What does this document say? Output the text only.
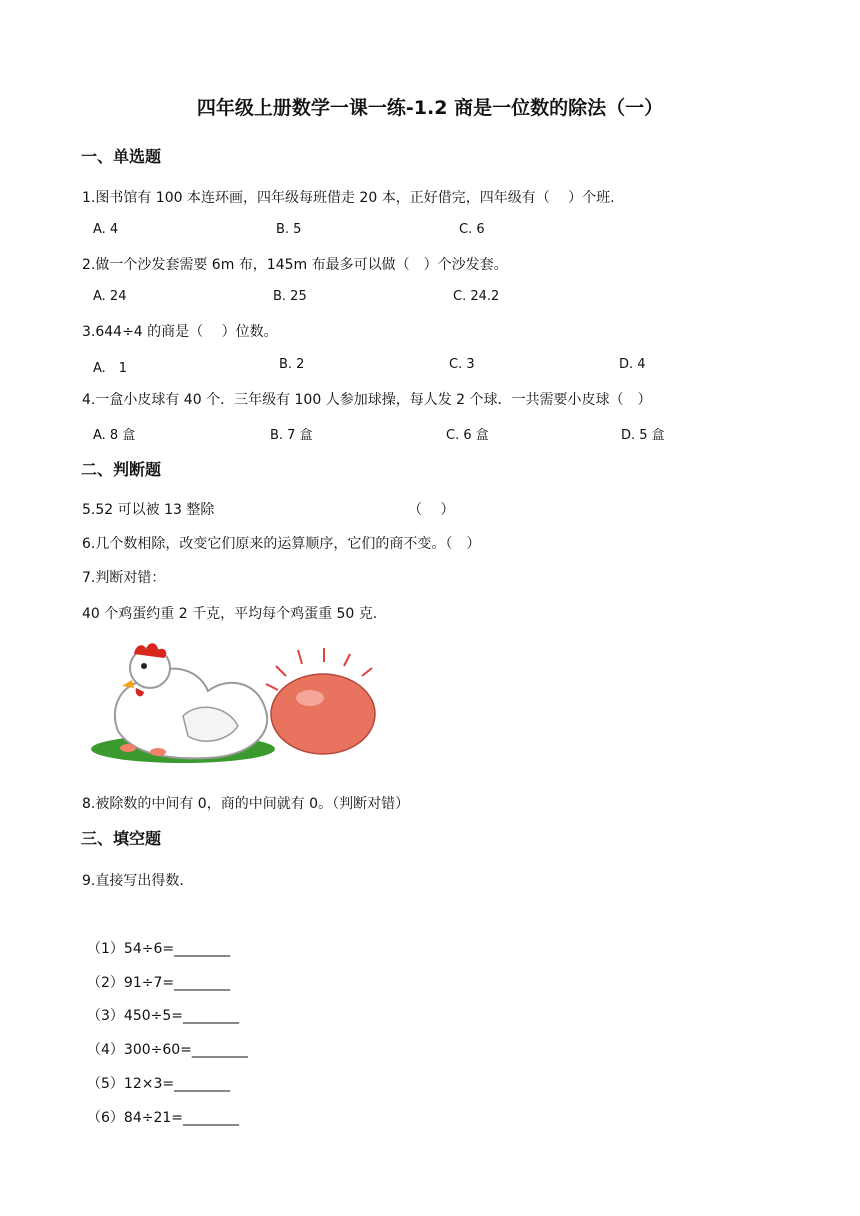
四年级上册数学一课一练-1.2 商是一位数的除法（一）
一、单选题
1.图书馆有 100 本连环画，四年级每班借走 20 本，正好借完，四年级有（　 ）个班.
A. 4	B. 5	C. 6
2.做一个沙发套需要 6m 布，145m 布最多可以做（　）个沙发套。
A. 24	B. 25	C. 24.2
3.644÷4 的商是（　 ）位数。
A.　1	B. 2	C. 3	D. 4
4.一盒小皮球有 40 个．三年级有 100 人参加球操，每人发 2 个球．一共需要小皮球（　）
A. 8 盒	B. 7 盒	C. 6 盒	D. 5 盒
二、判断题
5.52 可以被 13 整除	（　 ）
6.几个数相除，改变它们原来的运算顺序，它们的商不变。（　）
7.判断对错：
40 个鸡蛋约重 2 千克，平均每个鸡蛋重 50 克.
8.被除数的中间有 0，商的中间就有 0。（判断对错）
三、填空题
9.直接写出得数.
（1）54÷6=________
（2）91÷7=________
（3）450÷5=________
（4）300÷60=________
（5）12×3=________
（6）84÷21=________
